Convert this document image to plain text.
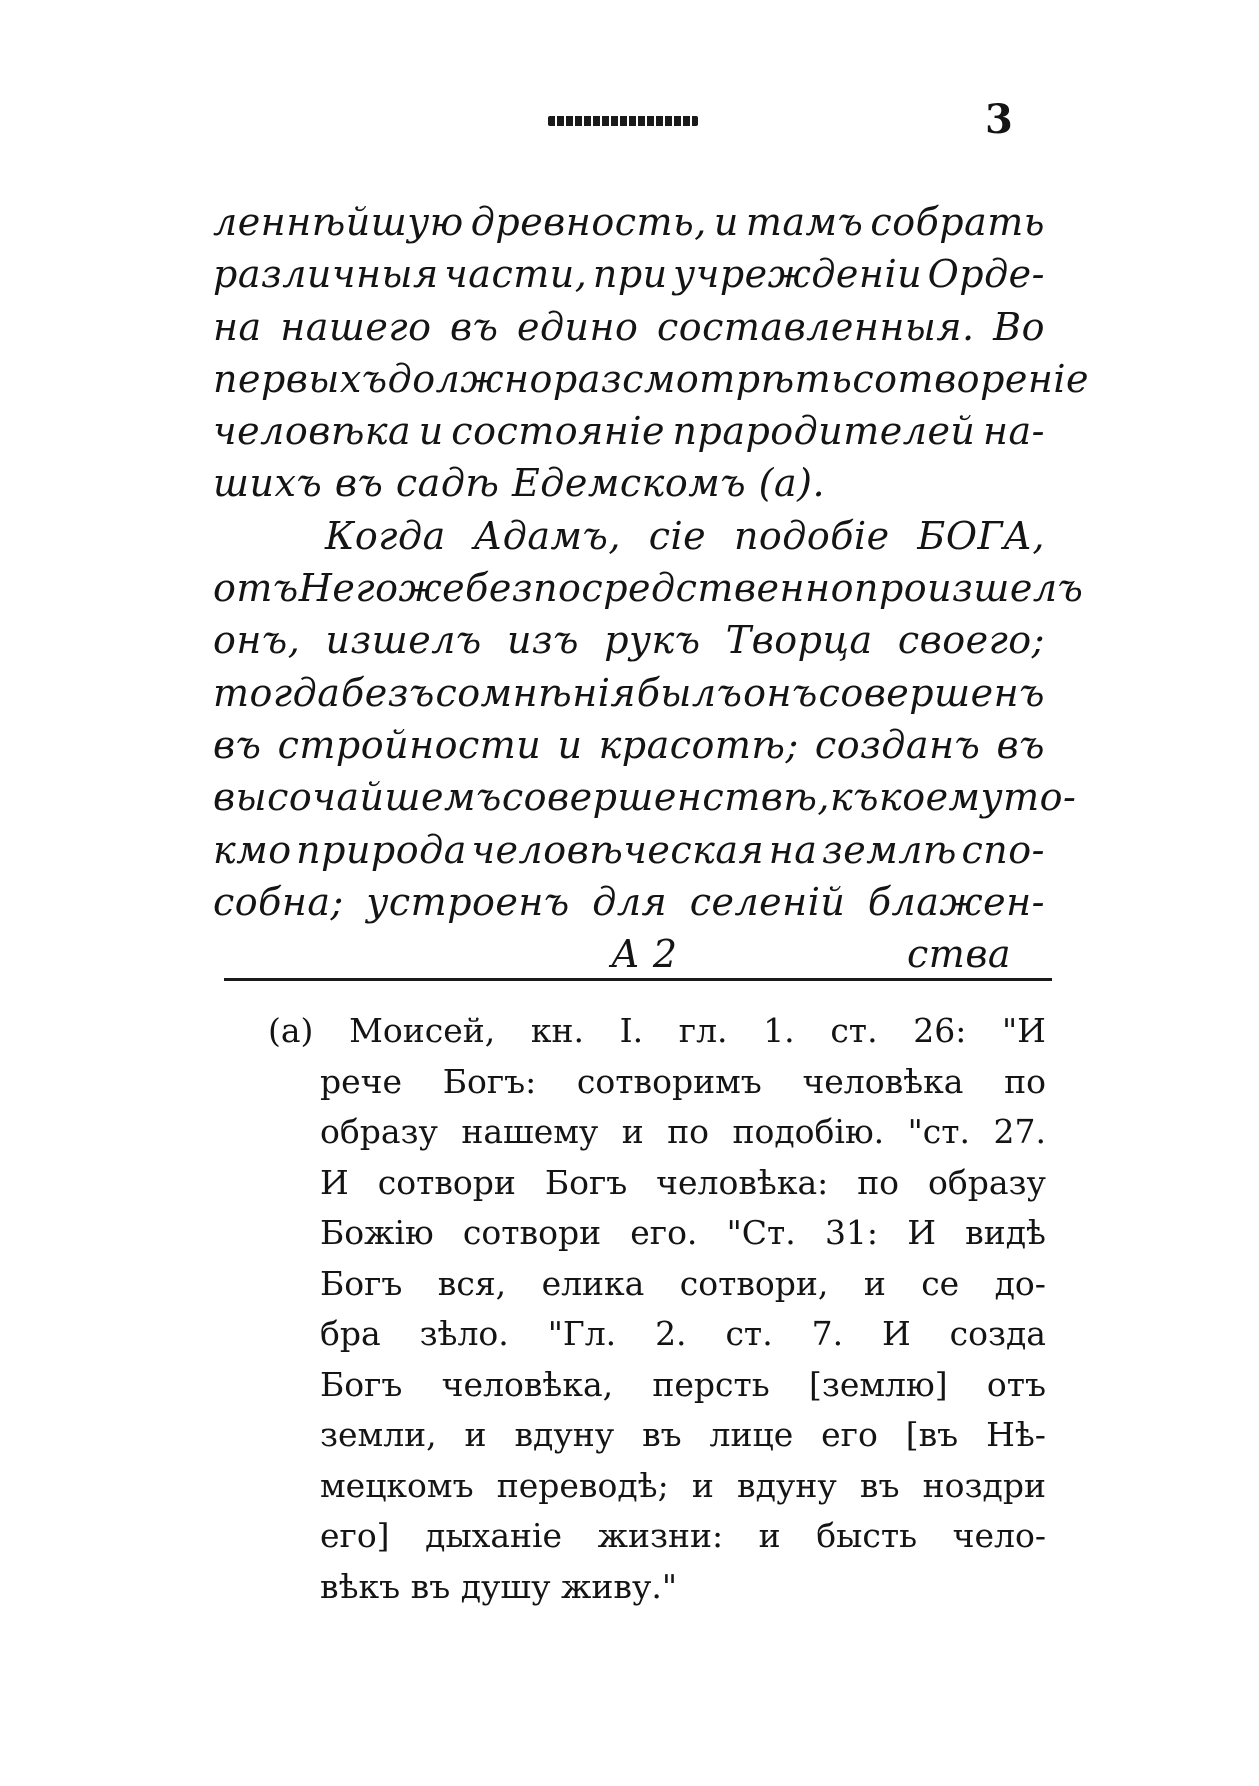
3
леннѣйшую древность, и тамъ собрать
различныя части, при учрежденіи Орде-
на нашего въ едино составленныя. Во
первыхъ должно разсмотрѣть сотвореніе
человѣка и состояніе прародителей на-
шихъ
въ
садѣ
Едемскомъ
(а).
Когда Адамъ, сіе подобіе БОГА,
отъ Него же безпосредственно произшелъ
онъ, изшелъ изъ рукъ Творца своего;
тогда безъ сомнѣнія былъ онъ совершенъ
въ стройности и красотѣ; созданъ въ
высочайшемъ совершенствѣ, къ коему то-
кмо природа человѣческая на землѣ спо-
собна; устроенъ для селеній блажен-
А 2	ства
(а) Моисей, кн. I. гл. 1. ст. 26: "И
рече Богъ: сотворимъ человѣка по
образу нашему и по подобію. "ст. 27.
И сотвори Богъ человѣка: по образу
Божію сотвори его. "Ст. 31: И видѣ
Богъ вся, елика сотвори, и се до-
бра зѣло. "Гл. 2. ст. 7. И созда
Богъ человѣка, персть [землю] отъ
земли, и вдуну въ лице его [въ Нѣ-
мецкомъ переводѣ; и вдуну въ ноздри
его] дыханіе жизни: и бысть чело-
вѣкъ
въ
душу
живу."
